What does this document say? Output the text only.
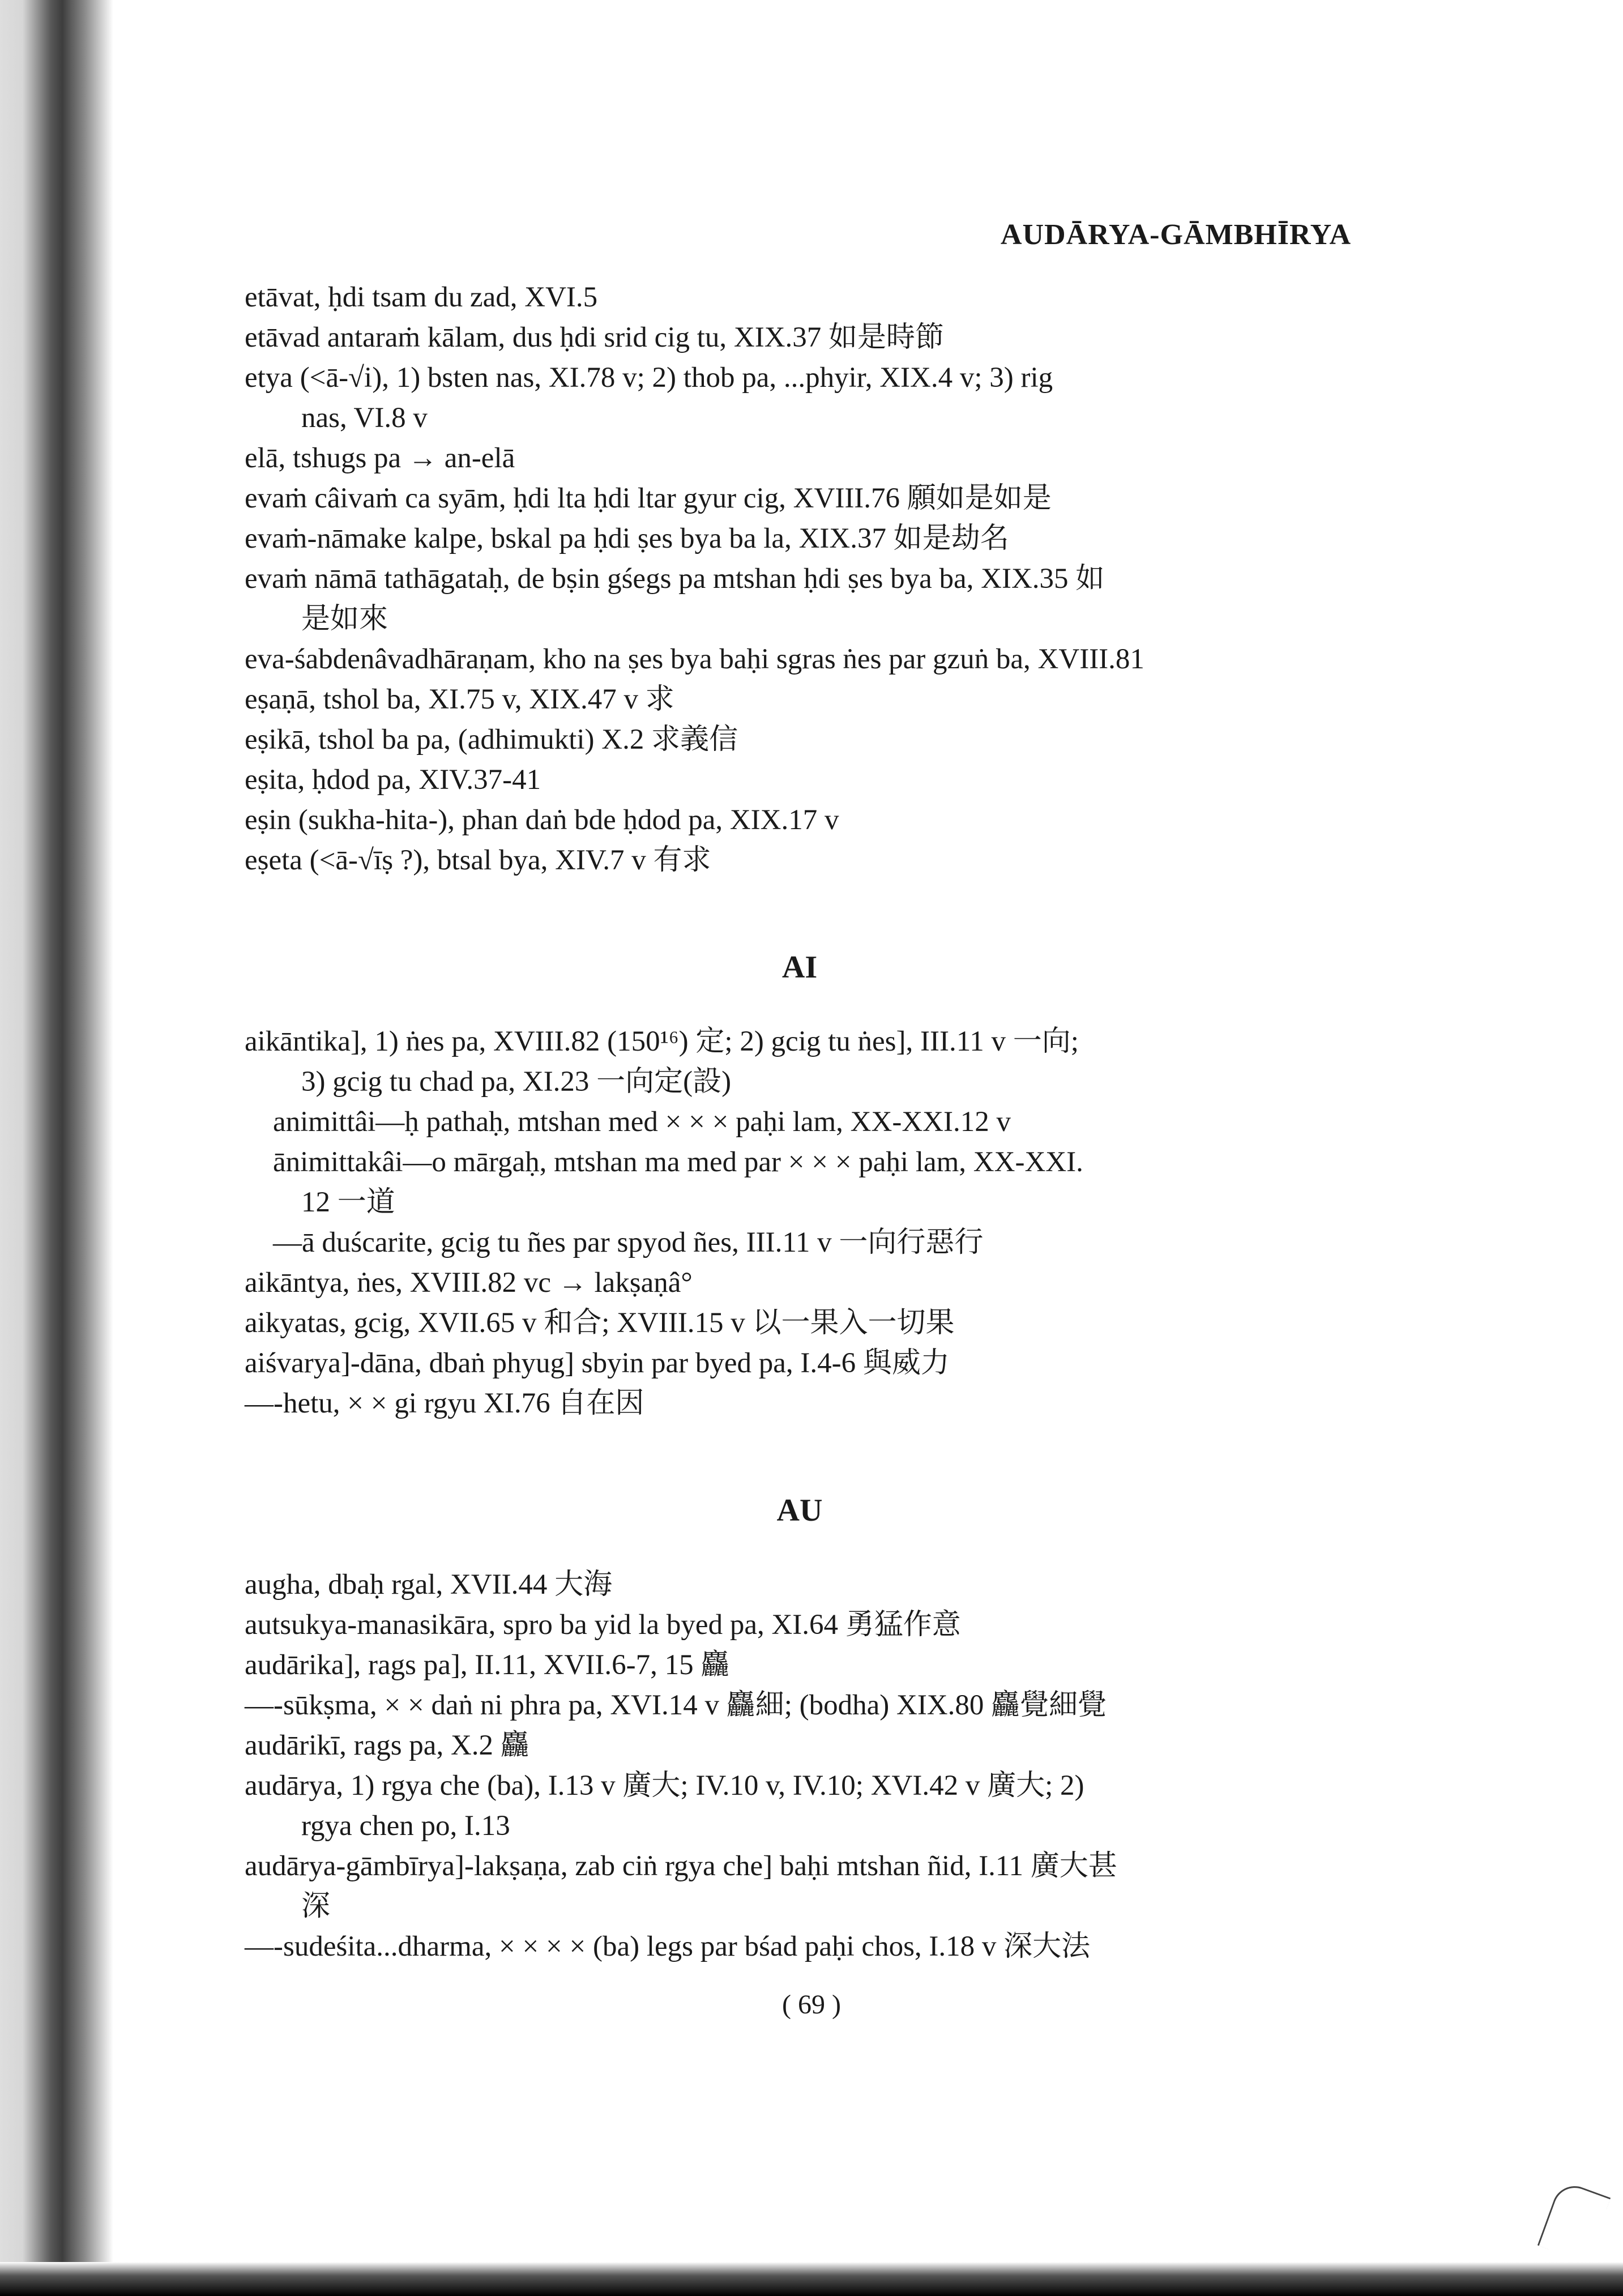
AUDĀRYA-GĀMBHĪRYA
etāvat, ḥdi tsam du zad, XVI.5
etāvad antaraṁ kālam, dus ḥdi srid cig tu, XIX.37 如是時節
etya (<ā-√i), 1) bsten nas, XI.78 v; 2) thob pa, ...phyir, XIX.4 v; 3) rig
nas, VI.8 v
elā, tshugs pa → an-elā
evaṁ câivaṁ ca syām, ḥdi lta ḥdi ltar gyur cig, XVIII.76 願如是如是
evaṁ-nāmake kalpe, bskal pa ḥdi ṣes bya ba la, XIX.37 如是劫名
evaṁ nāmā tathāgataḥ, de bṣin gśegs pa mtshan ḥdi ṣes bya ba, XIX.35 如
是如來
eva-śabdenâvadhāraṇam, kho na ṣes bya baḥi sgras ṅes par gzuṅ ba, XVIII.81
eṣaṇā, tshol ba, XI.75 v, XIX.47 v 求
eṣikā, tshol ba pa, (adhimukti) X.2 求義信
eṣita, ḥdod pa, XIV.37-41
eṣin (sukha-hita-), phan daṅ bde ḥdod pa, XIX.17 v
eṣeta (<ā-√īṣ ?), btsal bya, XIV.7 v 有求
AI
aikāntika], 1) ṅes pa, XVIII.82 (150¹⁶) 定; 2) gcig tu ṅes], III.11 v 一向;
3) gcig tu chad pa, XI.23 一向定(設)
animittâi—ḥ pathaḥ, mtshan med × × × paḥi lam, XX-XXI.12 v
ānimittakâi—o mārgaḥ, mtshan ma med par × × × paḥi lam, XX-XXI.
12 一道
—ā duścarite, gcig tu ñes par spyod ñes, III.11 v 一向行惡行
aikāntya, ṅes, XVIII.82 vc → lakṣaṇâ°
aikyatas, gcig, XVII.65 v 和合; XVIII.15 v 以一果入一切果
aiśvarya]-dāna, dbaṅ phyug] sbyin par byed pa, I.4-6 與威力
—-hetu, × × gi rgyu XI.76 自在因
AU
augha, dbaḥ rgal, XVII.44 大海
autsukya-manasikāra, spro ba yid la byed pa, XI.64 勇猛作意
audārika], rags pa], II.11, XVII.6-7, 15 麤
—-sūkṣma, × × daṅ ni phra pa, XVI.14 v 麤細; (bodha) XIX.80 麤覺細覺
audārikī, rags pa, X.2 麤
audārya, 1) rgya che (ba), I.13 v 廣大; IV.10 v, IV.10; XVI.42 v 廣大; 2)
rgya chen po, I.13
audārya-gāmbīrya]-lakṣaṇa, zab ciṅ rgya che] baḥi mtshan ñid, I.11 廣大甚
深
—-sudeśita...dharma, × × × × (ba) legs par bśad paḥi chos, I.18 v 深大法
( 69 )
